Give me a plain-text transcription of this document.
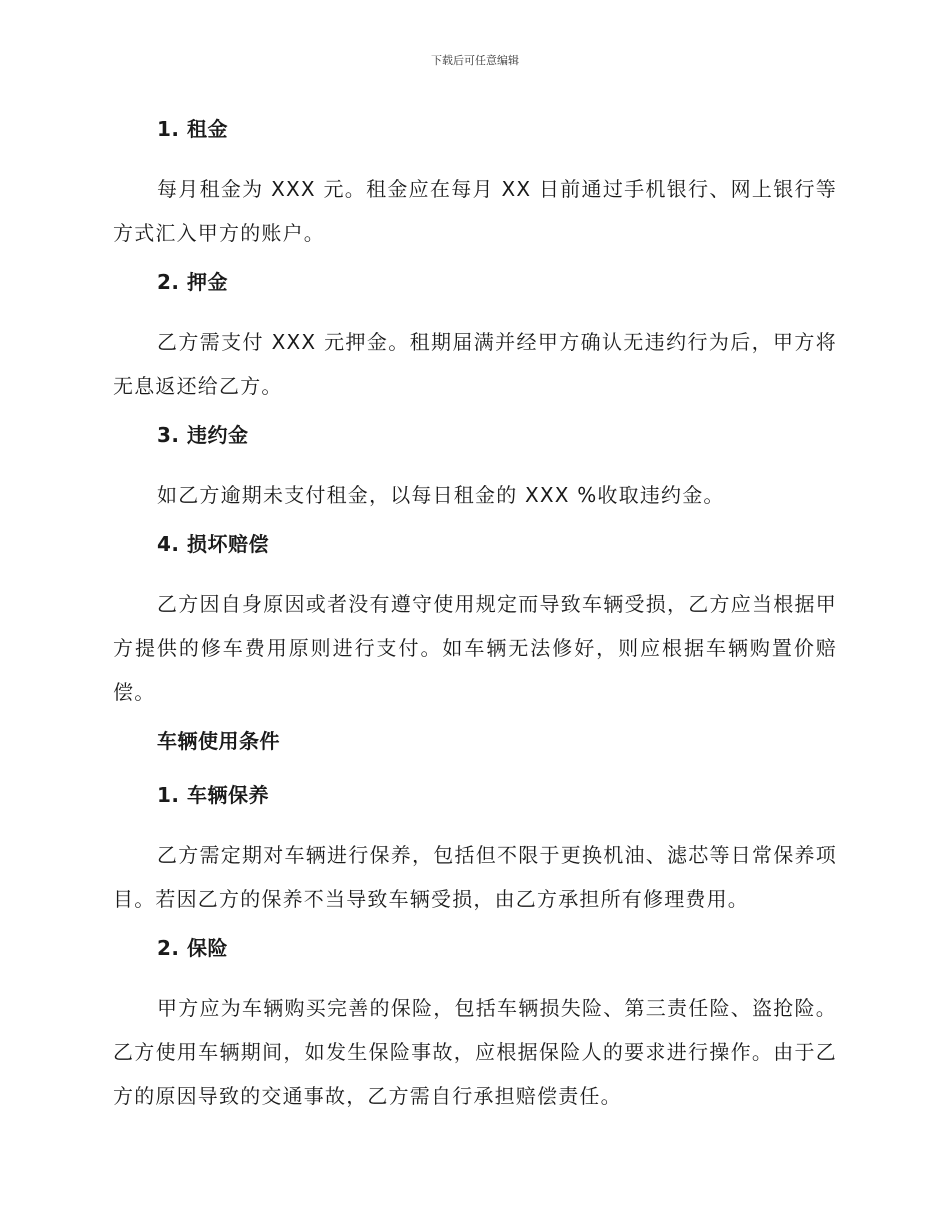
下载后可任意编辑
1. 租金

每月租金为 XXX 元。租金应在每月 XX 日前通过手机银行、网上银行等方式汇入甲方的账户。

2. 押金

乙方需支付 XXX 元押金。租期届满并经甲方确认无违约行为后，甲方将无息返还给乙方。

3. 违约金

如乙方逾期未支付租金，以每日租金的 XXX %收取违约金。

4. 损坏赔偿

乙方因自身原因或者没有遵守使用规定而导致车辆受损，乙方应当根据甲方提供的修车费用原则进行支付。如车辆无法修好，则应根据车辆购置价赔偿。

车辆使用条件
1. 车辆保养

乙方需定期对车辆进行保养，包括但不限于更换机油、滤芯等日常保养项目。若因乙方的保养不当导致车辆受损，由乙方承担所有修理费用。

2. 保险

甲方应为车辆购买完善的保险，包括车辆损失险、第三责任险、盗抢险。乙方使用车辆期间，如发生保险事故，应根据保险人的要求进行操作。由于乙方的原因导致的交通事故，乙方需自行承担赔偿责任。
